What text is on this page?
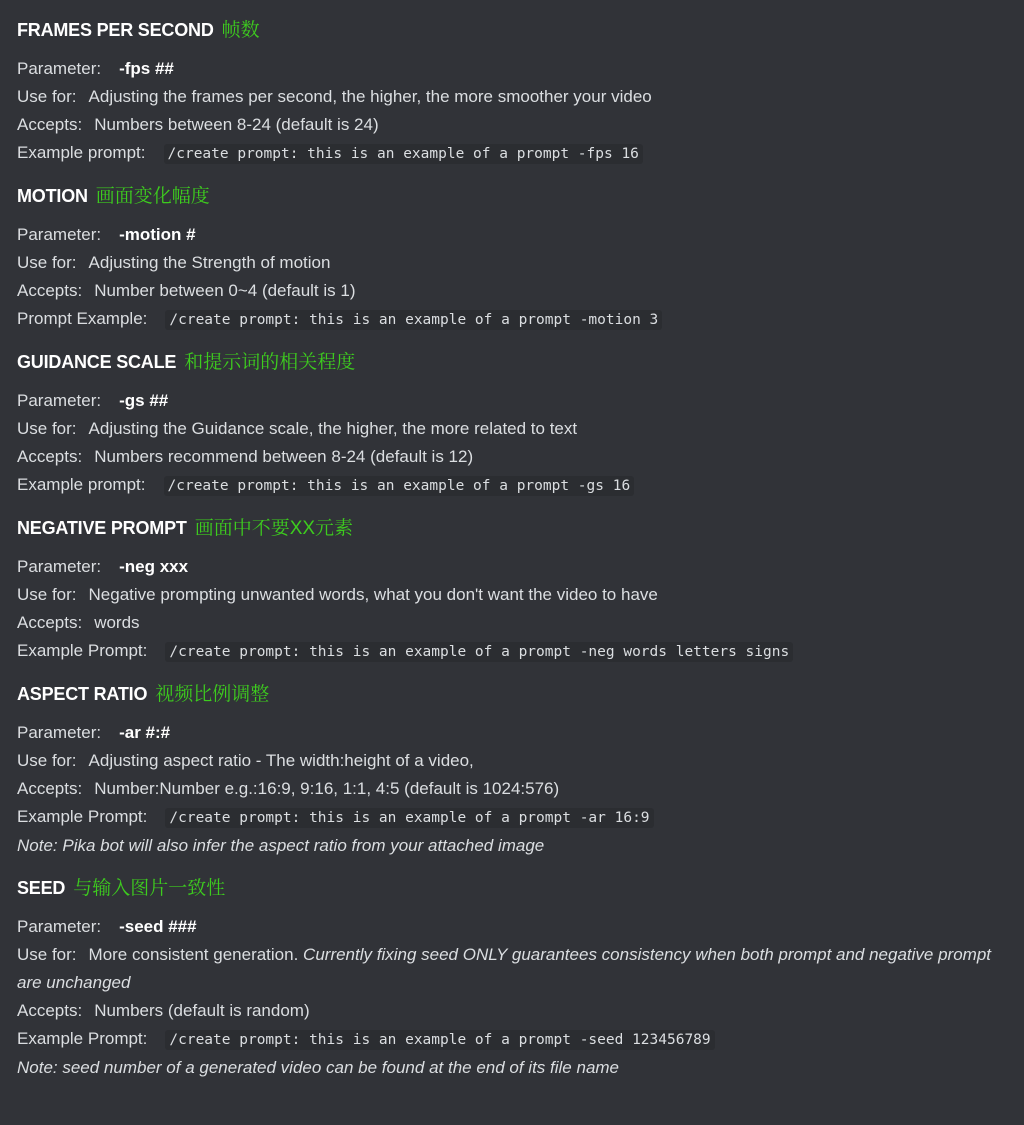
FRAMES PER SECOND 帧数
Parameter: -fps ##
Use for: Adjusting the frames per second, the higher, the more smoother your video
Accepts: Numbers between 8-24 (default is 24)
Example prompt: /create prompt: this is an example of a prompt -fps 16
MOTION 画面变化幅度
Parameter: -motion #
Use for: Adjusting the Strength of motion
Accepts: Number between 0~4 (default is 1)
Prompt Example: /create prompt: this is an example of a prompt -motion 3
GUIDANCE SCALE 和提示词的相关程度
Parameter: -gs ##
Use for: Adjusting the Guidance scale, the higher, the more related to text
Accepts: Numbers recommend between 8-24 (default is 12)
Example prompt: /create prompt: this is an example of a prompt -gs 16
NEGATIVE PROMPT 画面中不要XX元素
Parameter: -neg xxx
Use for: Negative prompting unwanted words, what you don't want the video to have
Accepts: words
Example Prompt: /create prompt: this is an example of a prompt -neg words letters signs
ASPECT RATIO 视频比例调整
Parameter: -ar #:#
Use for: Adjusting aspect ratio - The width:height of a video,
Accepts: Number:Number e.g.:16:9, 9:16, 1:1, 4:5 (default is 1024:576)
Example Prompt: /create prompt: this is an example of a prompt -ar 16:9
Note: Pika bot will also infer the aspect ratio from your attached image
SEED 与输入图片一致性
Parameter: -seed ###
Use for: More consistent generation. Currently fixing seed ONLY guarantees consistency when both prompt and negative prompt are unchanged
Accepts: Numbers (default is random)
Example Prompt: /create prompt: this is an example of a prompt -seed 123456789
Note: seed number of a generated video can be found at the end of its file name
